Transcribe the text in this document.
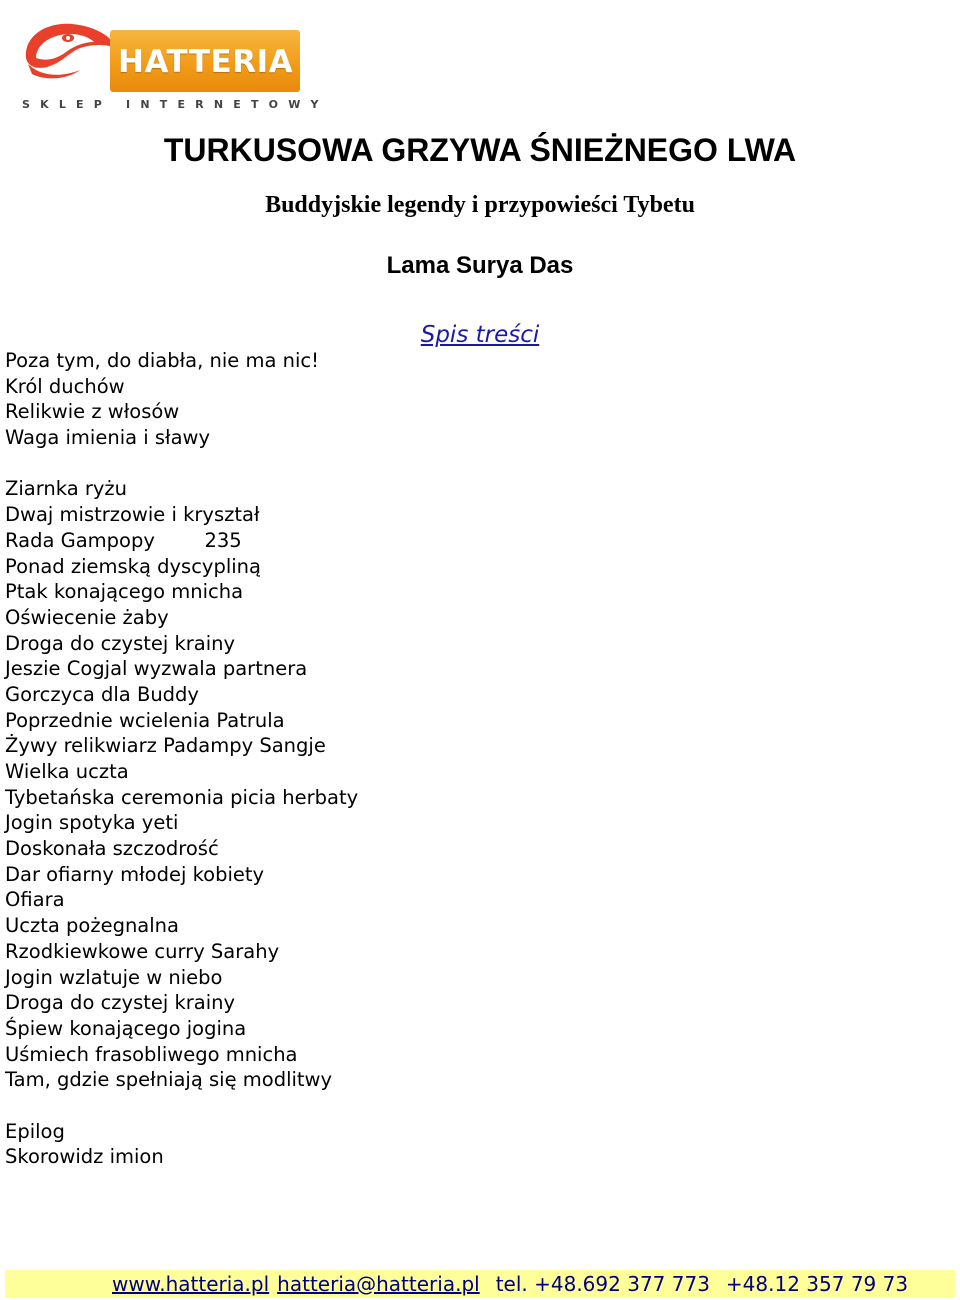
HATTERIA
SKLEP INTERNETOWY
TURKUSOWA GRZYWA ŚNIEŻNEGO LWA
Buddyjskie legendy i przypowieści Tybetu
Lama Surya Das
Spis treści
Poza tym, do diabła, nie ma nic!
Król duchów
Relikwie z włosów
Waga imienia i sławy
Ziarnka ryżu
Dwaj mistrzowie i kryształ
Rada Gampopy        235
Ponad ziemską dyscypliną
Ptak konającego mnicha
Oświecenie żaby
Droga do czystej krainy
Jeszie Cogjal wyzwala partnera
Gorczyca dla Buddy
Poprzednie wcielenia Patrula
Żywy relikwiarz Padampy Sangje
Wielka uczta
Tybetańska ceremonia picia herbaty
Jogin spotyka yeti
Doskonała szczodrość
Dar ofiarny młodej kobiety
Ofiara
Uczta pożegnalna
Rzodkiewkowe curry Sarahy
Jogin wzlatuje w niebo
Droga do czystej krainy
Śpiew konającego jogina
Uśmiech frasobliwego mnicha
Tam, gdzie spełniają się modlitwy
Epilog
Skorowidz imion
www.hatteria.pl hatteria@hatteria.pl tel. +48.692 377 773 +48.12 357 79 73
